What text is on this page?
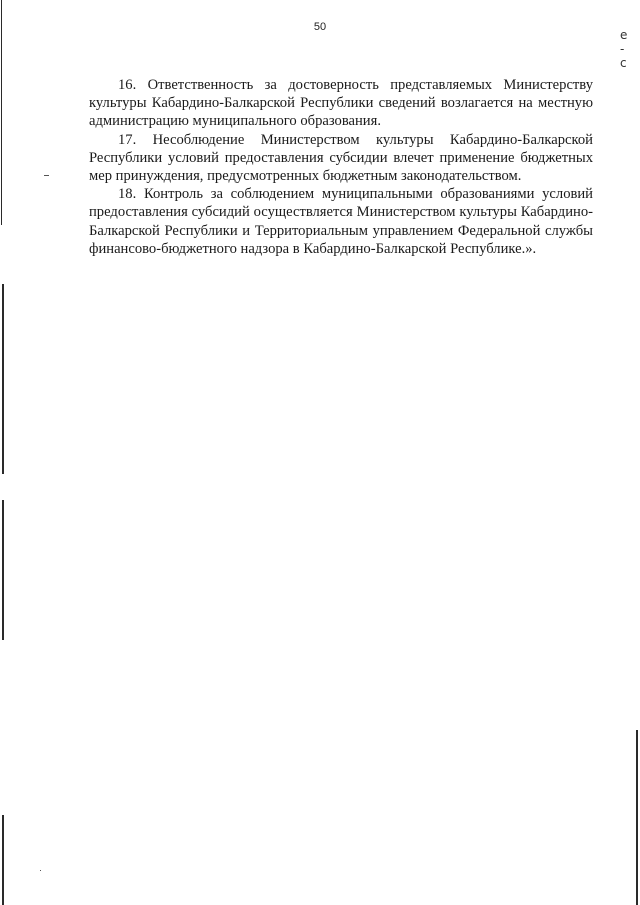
е
‐
с
50

16. Ответственность за достоверность представляемых Министерству культуры Кабардино-Балкарской Республики сведений возлагается на местную администрацию муниципального образования.

17. Несоблюдение Министерством культуры Кабардино-Балкарской Республики условий предоставления субсидии влечет применение бюджетных мер принуждения, предусмотренных бюджетным законодательством.

18. Контроль за соблюдением муниципальными образованиями условий предоставления субсидий осуществляется Министерством культуры Кабардино-Балкарской Республики и Территориальным управлением Федеральной службы финансово-бюджетного надзора в Кабардино-Балкарской Республике.».
